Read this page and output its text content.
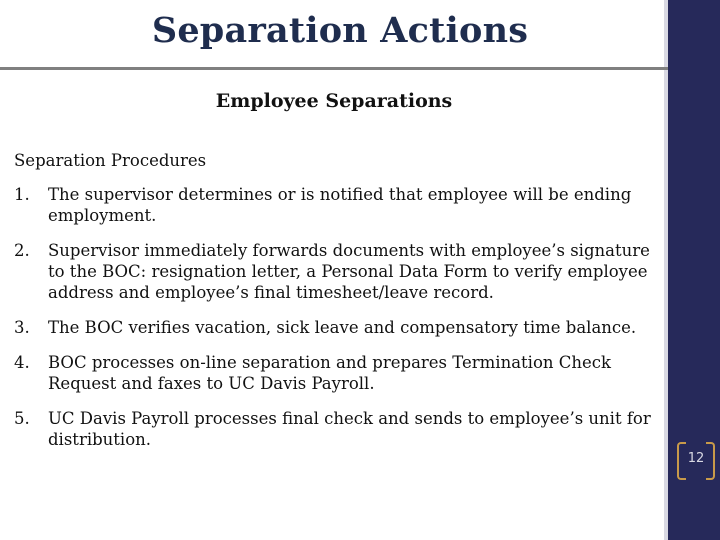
Separation Actions
Employee Separations

Separation Procedures

1. The supervisor determines or is notified that employee will be ending employment.
2. Supervisor immediately forwards documents with employee’s signature to the BOC: resignation letter, a Personal Data Form to verify employee address and employee’s final timesheet/leave record.
3. The BOC verifies vacation, sick leave and compensatory time balance.
4. BOC processes on-line separation and prepares Termination Check Request and faxes to UC Davis Payroll.
5. UC Davis Payroll processes final check and sends to employee’s unit for distribution.
12
